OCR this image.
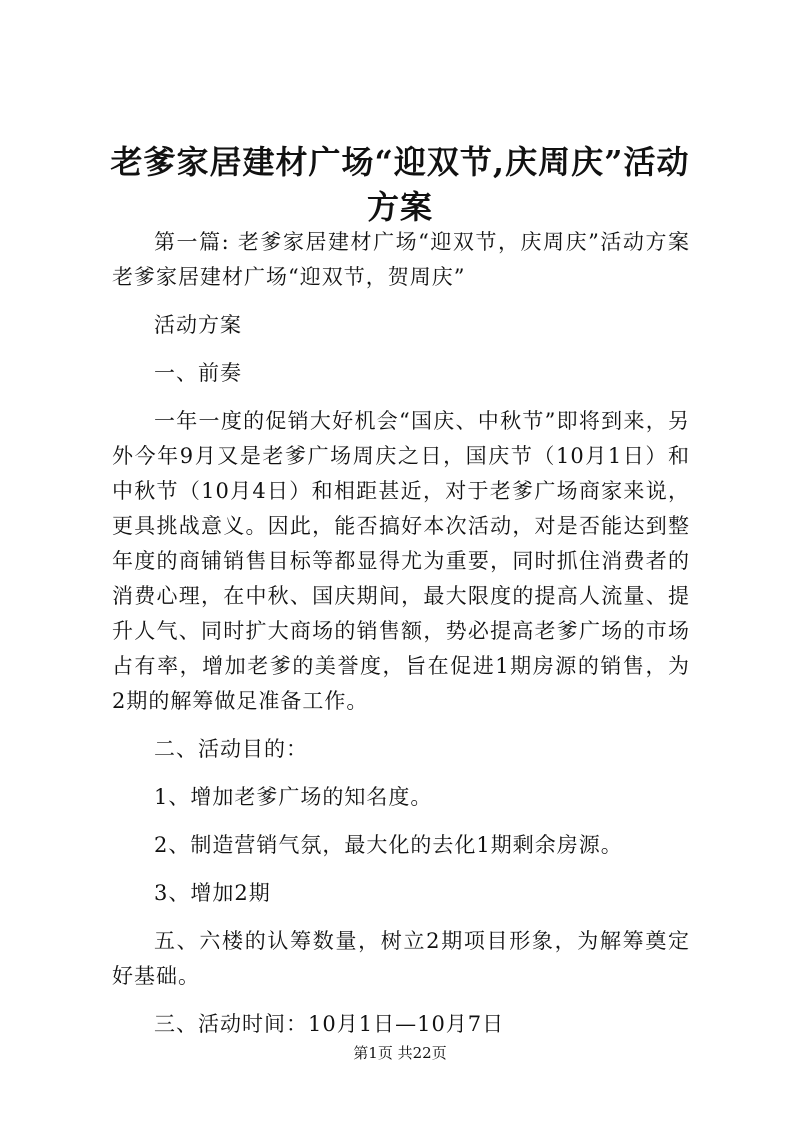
老爹家居建材广场“迎双节,庆周庆”活动方案

第一篇: 老爹家居建材广场“迎双节，庆周庆”活动方案老爹家居建材广场“迎双节，贺周庆”

活动方案

一、前奏

一年一度的促销大好机会“国庆、中秋节”即将到来，另外今年9月又是老爹广场周庆之日，国庆节（10月1日）和中秋节（10月4日）和相距甚近，对于老爹广场商家来说，更具挑战意义。因此，能否搞好本次活动，对是否能达到整年度的商铺销售目标等都显得尤为重要，同时抓住消费者的消费心理，在中秋、国庆期间，最大限度的提高人流量、提升人气、同时扩大商场的销售额，势必提高老爹广场的市场占有率，增加老爹的美誉度，旨在促进1期房源的销售，为2期的解筹做足准备工作。

二、活动目的：

1、增加老爹广场的知名度。

2、制造营销气氛，最大化的去化1期剩余房源。

3、增加2期

五、六楼的认筹数量，树立2期项目形象，为解筹奠定好基础。

三、活动时间：10月1日—10月7日

第1页 共22页
